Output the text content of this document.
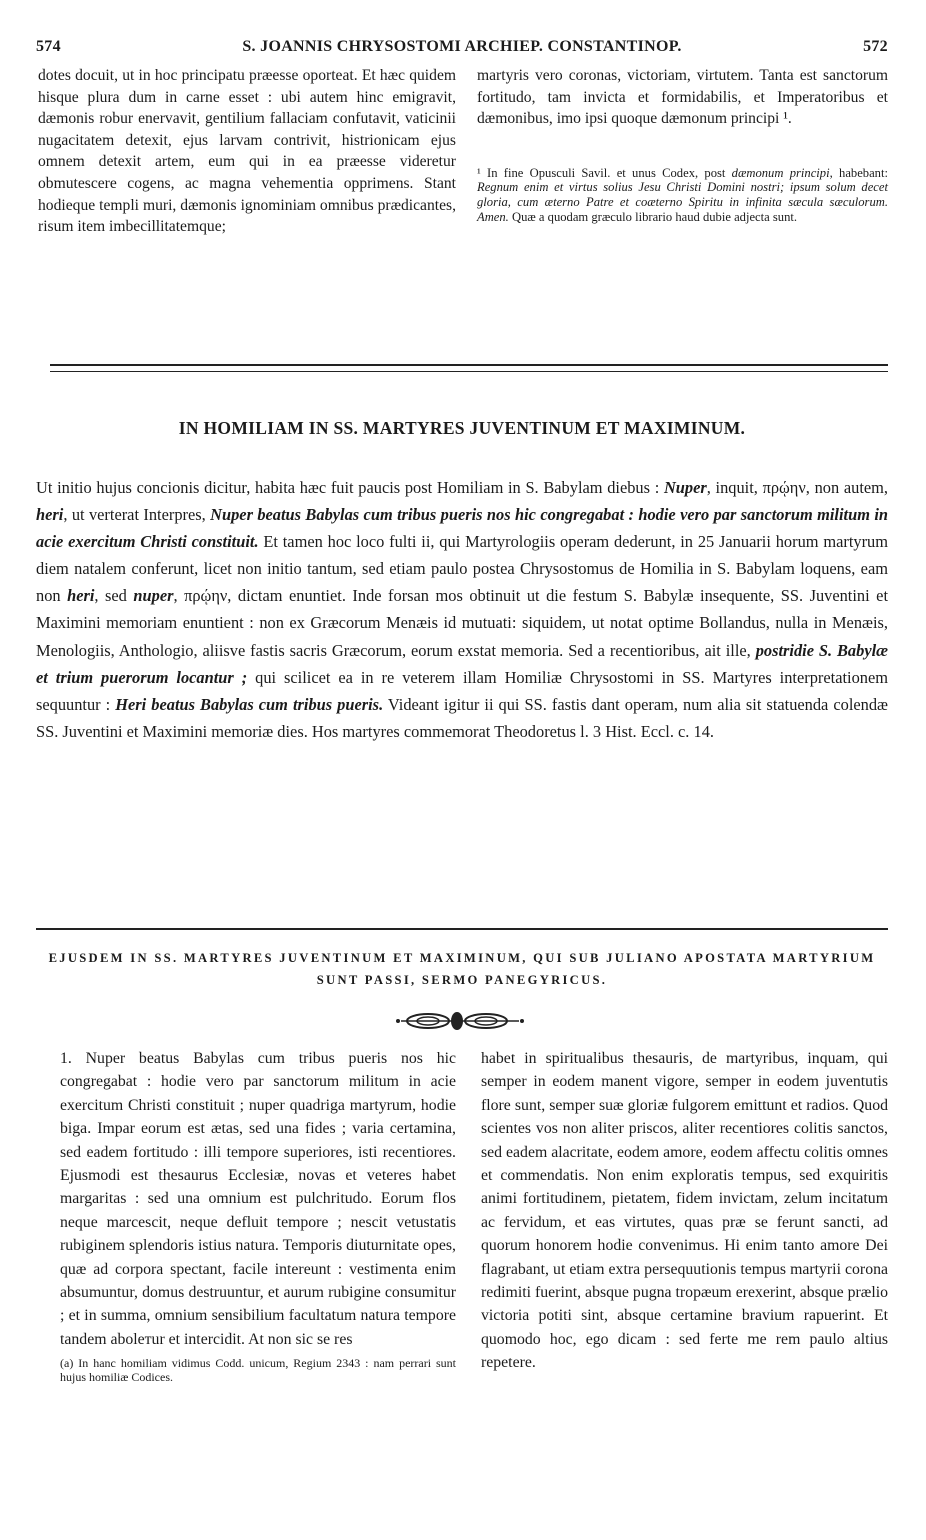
574	S. JOANNIS CHRYSOSTOMI ARCHIEP. CONSTANTINOP.	572

dotes docuit, ut in hoc principatu præesse oporteat. Et hæc quidem hisque plura dum in carne esset : ubi autem hinc emigravit, dæmonis robur enervavit, gentilium fallaciam confutavit, vaticinii nugacitatem detexit, ejus larvam contrivit, histrionicam ejus omnem detexit artem, eum qui in ea præesse videretur obmutescere cogens, ac magna vehementia opprimens. Stant hodieque templi muri, dæmonis ignominiam omnibus prædicantes, risum item imbecillitatemque;

martyris vero coronas, victoriam, virtutem. Tanta est sanctorum fortitudo, tam invicta et formidabilis, et Imperatoribus et dæmonibus, imo ipsi quoque dæmonum principi ¹.

¹ In fine Opusculi Savil. et unus Codex, post dæmonum principi, habebant: Regnum enim et virtus solius Jesu Christi Domini nostri; ipsum solum decet gloria, cum æterno Patre et coæterno Spiritu in infinita sæcula sæculorum. Amen. Quæ a quodam græculo librario haud dubie adjecta sunt.

IN HOMILIAM IN SS. MARTYRES JUVENTINUM ET MAXIMINUM.
Ut initio hujus concionis dicitur, habita hæc fuit paucis post Homiliam in S. Babylam diebus : Nuper, inquit, πρῴην, non autem, heri, ut verterat Interpres, Nuper beatus Babylas cum tribus pueris nos hic congregabat : hodie vero par sanctorum militum in acie exercitum Christi constituit. Et tamen hoc loco fulti ii, qui Martyrologiis operam dederunt, in 25 Januarii horum martyrum diem natalem conferunt, licet non initio tantum, sed etiam paulo postea Chrysostomus de Homilia in S. Babylam loquens, eam non heri, sed nuper, πρῴην, dictam enuntiet. Inde forsan mos obtinuit ut die festum S. Babylæ insequente, SS. Juventini et Maximini memoriam enuntient : non ex Græcorum Menæis id mutuati: siquidem, ut notat optime Bollandus, nulla in Menæis, Menologiis, Anthologio, aliisve fastis sacris Græcorum, eorum exstat memoria. Sed a recentioribus, ait ille, postridie S. Babylæ et trium puerorum locantur ; qui scilicet ea in re veterem illam Homiliæ Chrysostomi in SS. Martyres interpretationem sequuntur : Heri beatus Babylas cum tribus pueris. Videant igitur ii qui SS. fastis dant operam, num alia sit statuenda colendæ SS. Juventini et Maximini memoriæ dies. Hos martyres commemorat Theodoretus l. 3 Hist. Eccl. c. 14.
EJUSDEM IN SS. MARTYRES JUVENTINUM ET MAXIMINUM, QUI SUB JULIANO APOSTATA MARTYRIUM SUNT PASSI, SERMO PANEGYRICUS.

1. Nuper beatus Babylas cum tribus pueris nos hic congregabat : hodie vero par sanctorum militum in acie exercitum Christi constituit ; nuper quadriga martyrum, hodie biga. Impar eorum est ætas, sed una fides ; varia certamina, sed eadem fortitudo : illi tempore superiores, isti recentiores. Ejusmodi est thesaurus Ecclesiæ, novas et veteres habet margaritas : sed una omnium est pulchritudo. Eorum flos neque marcescit, neque defluit tempore ; nescit vetustatis rubiginem splendoris istius natura. Temporis diuturnitate opes, quæ ad corpora spectant, facile intereunt : vestimenta enim absumuntur, domus destruuntur, et aurum rubigine consumitur ; et in summa, omnium sensibilium facultatum natura tempore tandem abolетur et intercidit. At non sic se res

(a) In hanc homiliam vidimus Codd. unicum, Regium 2343 : nam perrari sunt hujus homiliæ Codices.

habet in spiritualibus thesauris, de martyribus, inquam, qui semper in eodem manent vigore, semper in eodem juventutis flore sunt, semper suæ gloriæ fulgorem emittunt et radios. Quod scientes vos non aliter priscos, aliter recentiores colitis sanctos, sed eadem alacritate, eodem amore, eodem affectu colitis omnes et commendatis. Non enim exploratis tempus, sed exquiritis animi fortitudinem, pietatem, fidem invictam, zelum incitatum ac fervidum, et eas virtutes, quas præ se ferunt sancti, ad quorum honorem hodie convenimus. Hi enim tanto amore Dei flagrabant, ut etiam extra persequutionis tempus martyrii corona redimiti fuerint, absque pugna tropæum erexerint, absque prælio victoria potiti sint, absque certamine bravium rapuerint. Et quomodo hoc, ego dicam : sed ferte me rem paulo altius repetere.
